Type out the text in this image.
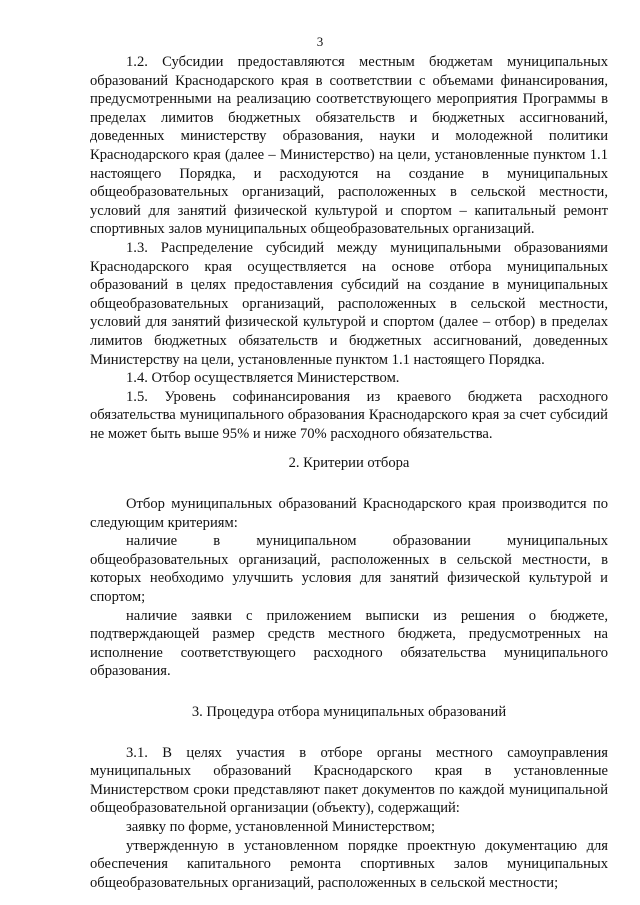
3

1.2. Субсидии предоставляются местным бюджетам муниципальных образований Краснодарского края в соответствии с объемами финансирования, предусмотренными на реализацию соответствующего мероприятия Программы в пределах лимитов бюджетных обязательств и бюджетных ассигнований, доведенных министерству образования, науки и молодежной политики Краснодарского края (далее – Министерство) на цели, установленные пунктом 1.1 настоящего Порядка, и расходуются на создание в муниципальных общеобразовательных организаций, расположенных в сельской местности, условий для занятий физической культурой и спортом – капитальный ремонт спортивных залов муниципальных общеобразовательных организаций.

1.3. Распределение субсидий между муниципальными образованиями Краснодарского края осуществляется на основе отбора муниципальных образований в целях предоставления субсидий на создание в муниципальных общеобразовательных организаций, расположенных в сельской местности, условий для занятий физической культурой и спортом (далее – отбор) в пределах лимитов бюджетных обязательств и бюджетных ассигнований, доведенных Министерству на цели, установленные пунктом 1.1 настоящего Порядка.

1.4. Отбор осуществляется Министерством.

1.5. Уровень софинансирования из краевого бюджета расходного обязательства муниципального образования Краснодарского края за счет субсидий не может быть выше 95% и ниже 70% расходного обязательства.

2. Критерии отбора

Отбор муниципальных образований Краснодарского края производится по следующим критериям:

наличие в муниципальном образовании муниципальных общеобразовательных организаций, расположенных в сельской местности, в которых необходимо улучшить условия для занятий физической культурой и спортом;

наличие заявки с приложением выписки из решения о бюджете, подтверждающей размер средств местного бюджета, предусмотренных на исполнение соответствующего расходного обязательства муниципального образования.

3. Процедура отбора муниципальных образований

3.1. В целях участия в отборе органы местного самоуправления муниципальных образований Краснодарского края в установленные Министерством сроки представляют пакет документов по каждой муниципальной общеобразовательной организации (объекту), содержащий:

заявку по форме, установленной Министерством;

утвержденную в установленном порядке проектную документацию для обеспечения капитального ремонта спортивных залов муниципальных общеобразовательных организаций, расположенных в сельской местности;
